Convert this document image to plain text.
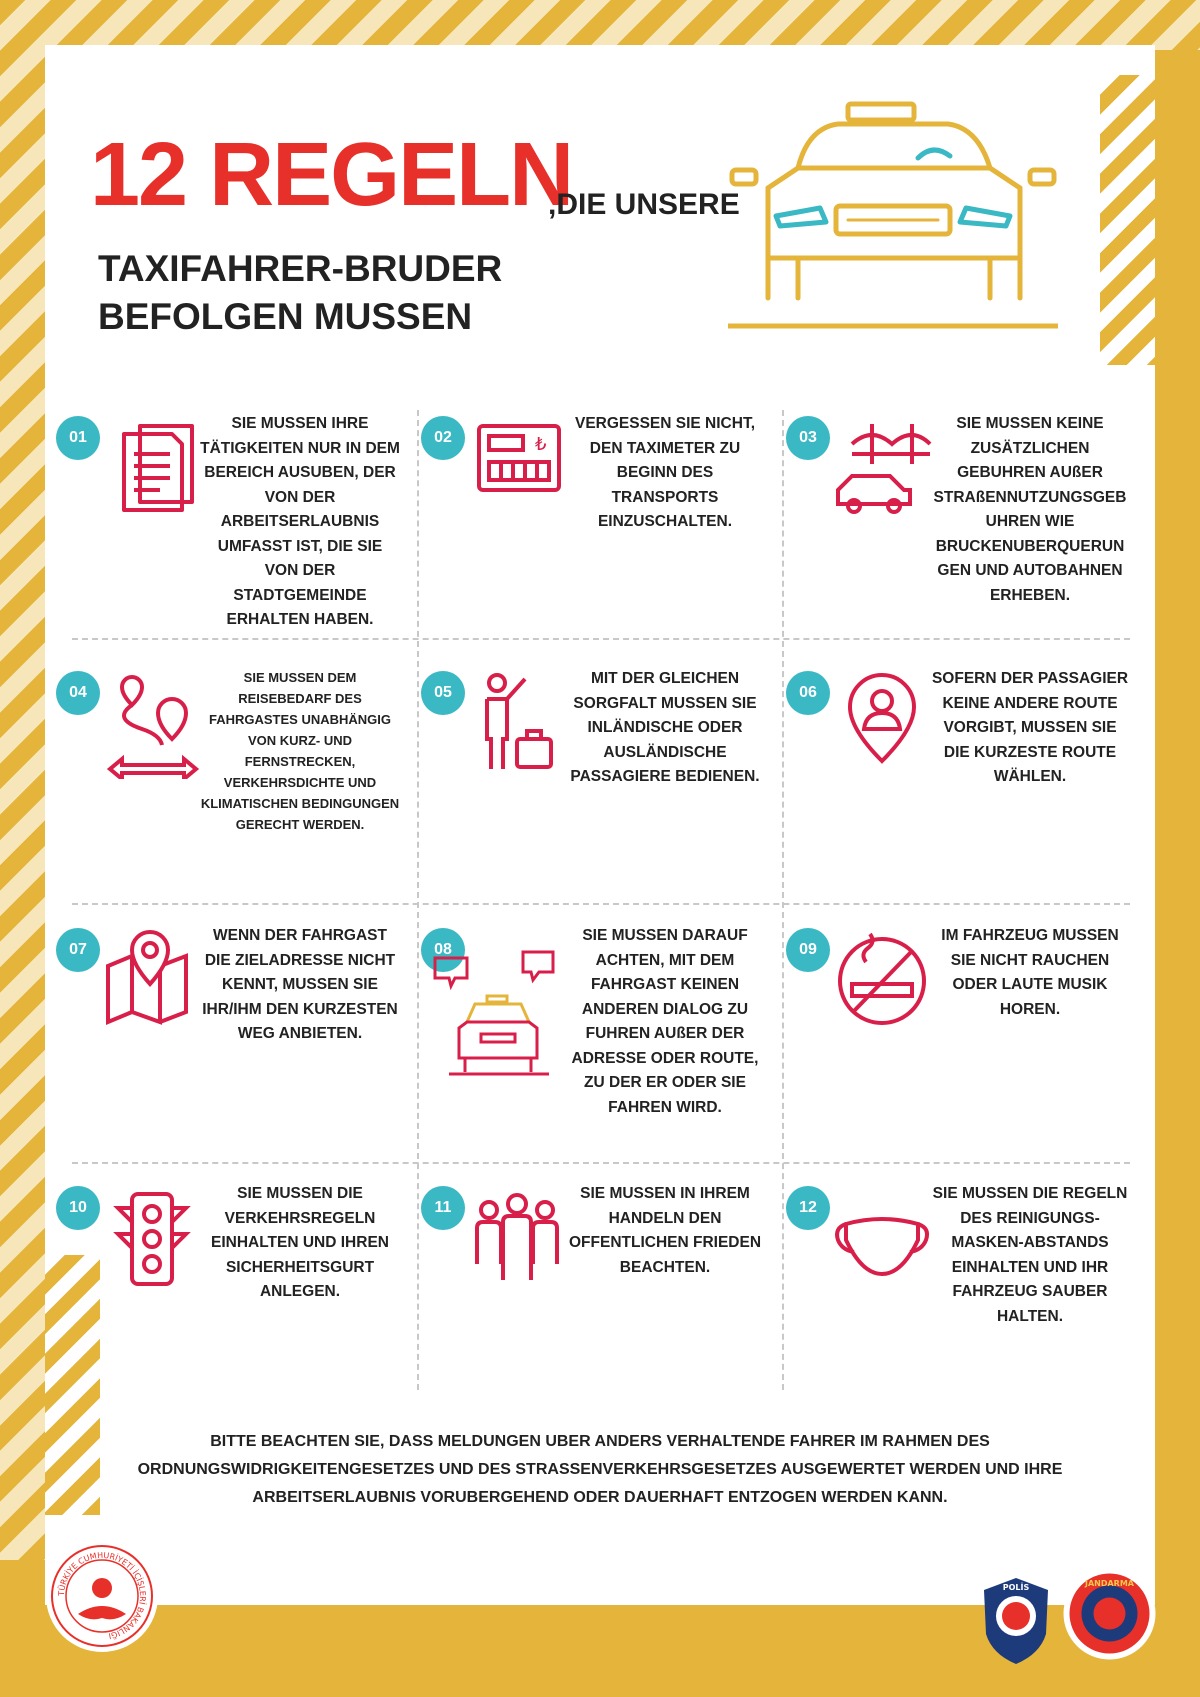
12 REGELN
,DIE UNSERE
TAXIFAHRER-BRUDER
BEFOLGEN MUSSEN
01
SIE MUSSEN IHRE TÄTIGKEITEN NUR IN DEM BEREICH AUSUBEN, DER VON DER ARBEITSERLAUBNIS UMFASST IST, DIE SIE VON DER STADTGEMEINDE ERHALTEN HABEN.
02	₺
VERGESSEN SIE NICHT, DEN TAXIMETER ZU BEGINN DES TRANSPORTS EINZUSCHALTEN.
03
SIE MUSSEN KEINE ZUSÄTZLICHEN GEBUHREN AUßER STRAßENNUTZUNGSGEB UHREN WIE BRUCKENUBERQUERUN GEN UND AUTOBAHNEN ERHEBEN.
04
SIE MUSSEN DEM REISEBEDARF DES FAHRGASTES UNABHÄNGIG VON KURZ- UND FERNSTRECKEN, VERKEHRSDICHTE UND KLIMATISCHEN BEDINGUNGEN GERECHT WERDEN.
05
MIT DER GLEICHEN SORGFALT MUSSEN SIE INLÄNDISCHE ODER AUSLÄNDISCHE PASSAGIERE BEDIENEN.
06
SOFERN DER PASSAGIER KEINE ANDERE ROUTE VORGIBT, MUSSEN SIE DIE KURZESTE ROUTE WÄHLEN.
07
WENN DER FAHRGAST DIE ZIELADRESSE NICHT KENNT, MUSSEN SIE IHR/IHM DEN KURZESTEN WEG ANBIETEN.
08
SIE MUSSEN DARAUF ACHTEN, MIT DEM FAHRGAST KEINEN ANDEREN DIALOG ZU FUHREN AUßER DER ADRESSE ODER ROUTE, ZU DER ER ODER SIE FAHREN WIRD.
09
IM FAHRZEUG MUSSEN SIE NICHT RAUCHEN ODER LAUTE MUSIK HOREN.
10
SIE MUSSEN DIE VERKEHRSREGELN EINHALTEN UND IHREN SICHERHEITSGURT ANLEGEN.
11
SIE MUSSEN IN IHREM HANDELN DEN OFFENTLICHEN FRIEDEN BEACHTEN.
12
SIE MUSSEN DIE REGELN DES REINIGUNGS-MASKEN-ABSTANDS EINHALTEN UND IHR FAHRZEUG SAUBER HALTEN.
BITTE BEACHTEN SIE, DASS MELDUNGEN UBER ANDERS VERHALTENDE FAHRER IM RAHMEN DES ORDNUNGSWIDRIGKEITENGESETZES UND DES STRASSENVERKEHRSGESETZES AUSGEWERTET WERDEN UND IHRE ARBEITSERLAUBNIS VORUBERGEHEND ODER DAUERHAFT ENTZOGEN WERDEN KANN.
TÜRKİYE CUMHURİYETİ İÇİŞLERİ BAKANLIĞI
POLİS	JANDARMA
